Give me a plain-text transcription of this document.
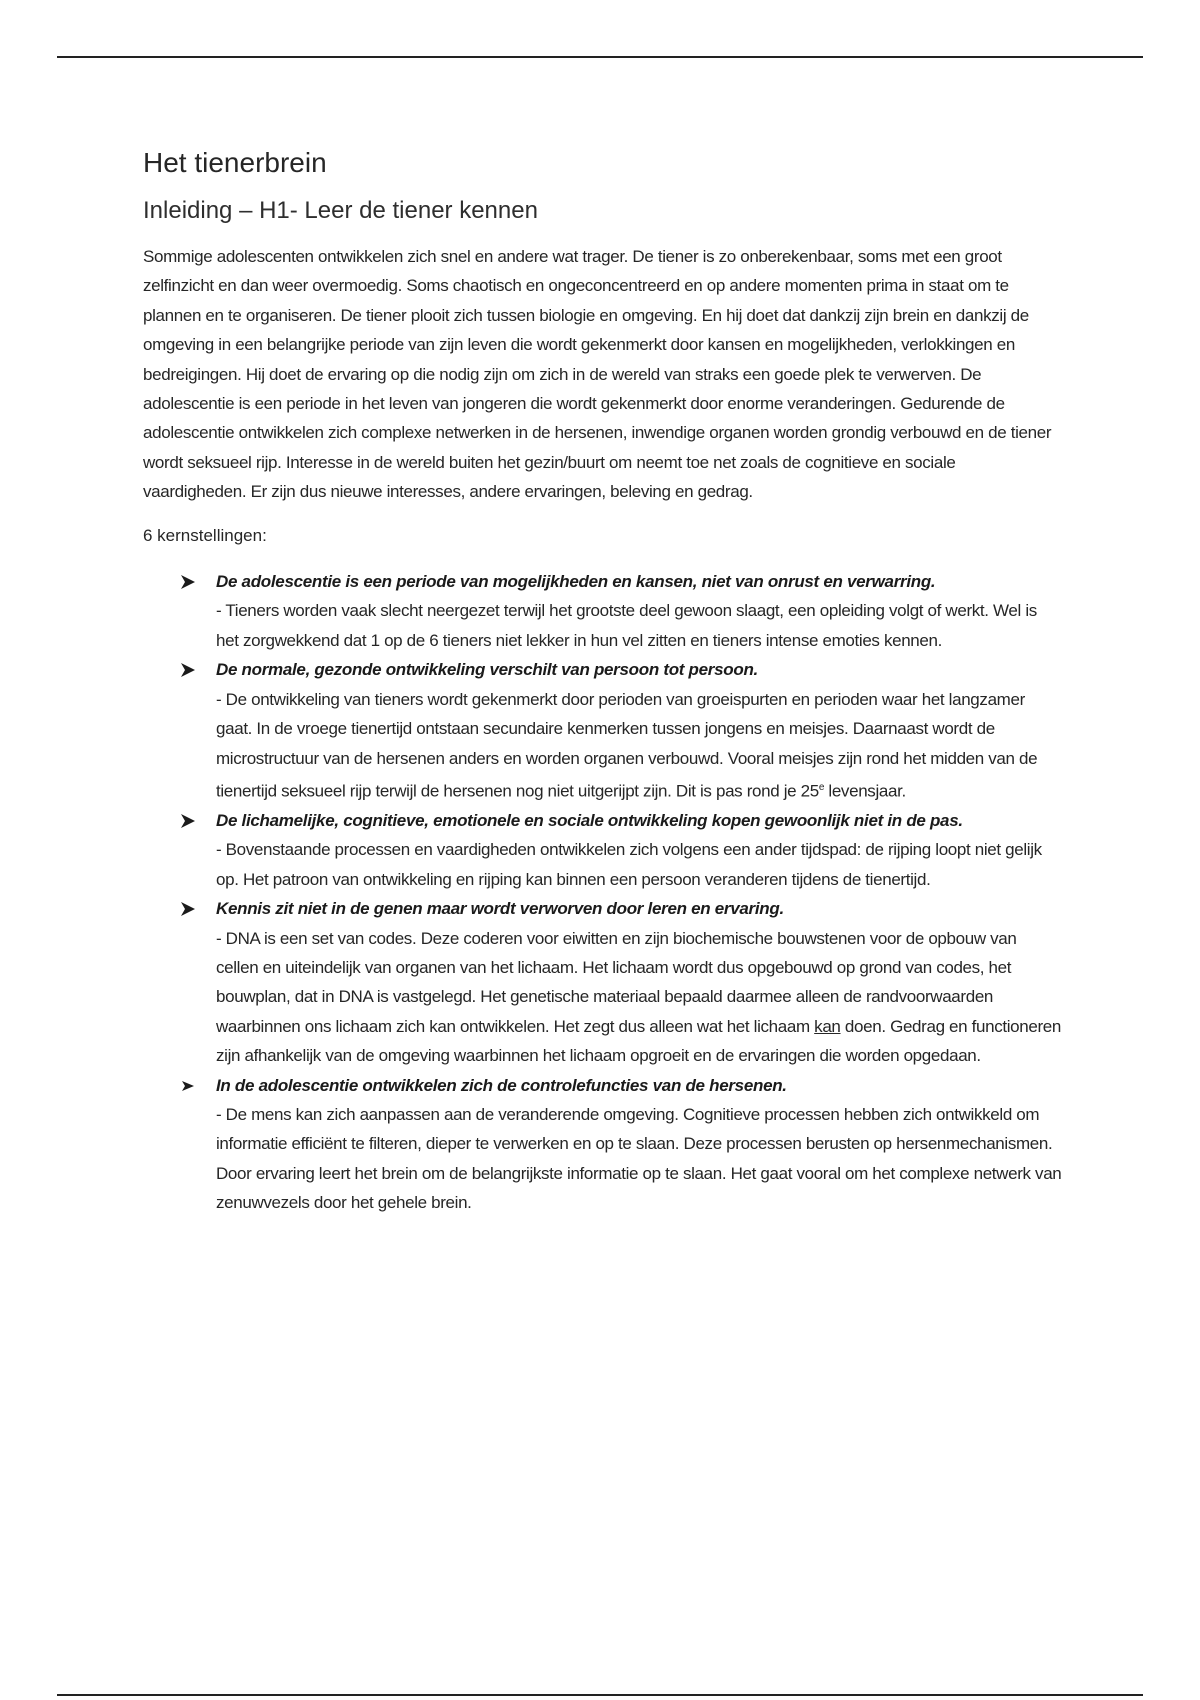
Het tienerbrein
Inleiding – H1- Leer de tiener kennen

Sommige adolescenten ontwikkelen zich snel en andere wat trager. De tiener is zo onberekenbaar, soms met een groot zelfinzicht en dan weer overmoedig. Soms chaotisch en ongeconcentreerd en op andere momenten prima in staat om te plannen en te organiseren. De tiener plooit zich tussen biologie en omgeving. En hij doet dat dankzij zijn brein en dankzij de omgeving in een belangrijke periode van zijn leven die wordt gekenmerkt door kansen en mogelijkheden, verlokkingen en bedreigingen. Hij doet de ervaring op die nodig zijn om zich in de wereld van straks een goede plek te verwerven. De adolescentie is een periode in het leven van jongeren die wordt gekenmerkt door enorme veranderingen. Gedurende de adolescentie ontwikkelen zich complexe netwerken in de hersenen, inwendige organen worden grondig verbouwd en de tiener wordt seksueel rijp. Interesse in de wereld buiten het gezin/buurt om neemt toe net zoals de cognitieve en sociale vaardigheden. Er zijn dus nieuwe interesses, andere ervaringen, beleving en gedrag.

6 kernstellingen:

De adolescentie is een periode van mogelijkheden en kansen, niet van onrust en verwarring.
- Tieners worden vaak slecht neergezet terwijl het grootste deel gewoon slaagt, een opleiding volgt of werkt. Wel is het zorgwekkend dat 1 op de 6 tieners niet lekker in hun vel zitten en tieners intense emoties kennen.
De normale, gezonde ontwikkeling verschilt van persoon tot persoon.
- De ontwikkeling van tieners wordt gekenmerkt door perioden van groeispurten en perioden waar het langzamer gaat. In de vroege tienertijd ontstaan secundaire kenmerken tussen jongens en meisjes. Daarnaast wordt de microstructuur van de hersenen anders en worden organen verbouwd. Vooral meisjes zijn rond het midden van de tienertijd seksueel rijp terwijl de hersenen nog niet uitgerijpt zijn. Dit is pas rond je 25e levensjaar.
De lichamelijke, cognitieve, emotionele en sociale ontwikkeling kopen gewoonlijk niet in de pas.
- Bovenstaande processen en vaardigheden ontwikkelen zich volgens een ander tijdspad: de rijping loopt niet gelijk op. Het patroon van ontwikkeling en rijping kan binnen een persoon veranderen tijdens de tienertijd.
Kennis zit niet in de genen maar wordt verworven door leren en ervaring.
- DNA is een set van codes. Deze coderen voor eiwitten en zijn biochemische bouwstenen voor de opbouw van cellen en uiteindelijk van organen van het lichaam. Het lichaam wordt dus opgebouwd op grond van codes, het bouwplan, dat in DNA is vastgelegd. Het genetische materiaal bepaald daarmee alleen de randvoorwaarden waarbinnen ons lichaam zich kan ontwikkelen. Het zegt dus alleen wat het lichaam kan doen. Gedrag en functioneren zijn afhankelijk van de omgeving waarbinnen het lichaam opgroeit en de ervaringen die worden opgedaan.
In de adolescentie ontwikkelen zich de controlefuncties van de hersenen.
- De mens kan zich aanpassen aan de veranderende omgeving. Cognitieve processen hebben zich ontwikkeld om informatie efficiënt te filteren, dieper te verwerken en op te slaan. Deze processen berusten op hersenmechanismen. Door ervaring leert het brein om de belangrijkste informatie op te slaan. Het gaat vooral om het complexe netwerk van zenuwvezels door het gehele brein.
